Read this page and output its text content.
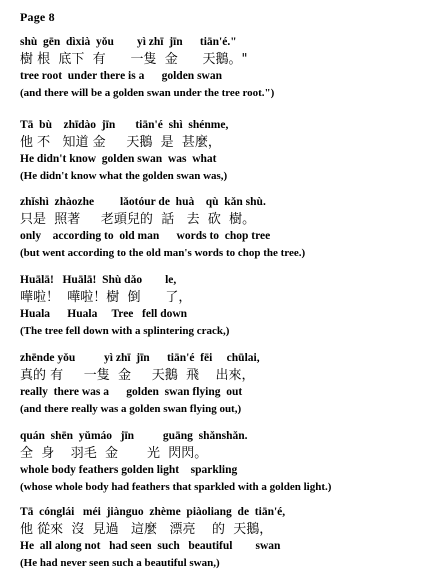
Page 8
shù  gēn  dìxià  yǒu        yì zhī  jīn      tiān'é."
樹 根  底下  有      一隻  金      天鵝。"
tree root  under there is a      golden swan
(and there will be a golden swan under the tree root.")
Tā  bù    zhīdào  jīn       tiān'é  shì  shénme,
他 不   知道 金     天鵝  是  甚麼，
He didn't know  golden swan  was  what
(He didn't know what the golden swan was,)
zhǐshì  zhàozhe         lǎotóur de  huà    qù  kǎn shù.
只是  照著     老頭兒的  話   去  砍  樹。
only    according to  old man      words to  chop tree
(but went according to the old man's words to chop the tree.)
Huālā!   Huālā!  Shù dǎo        le,
嘩啦！  嘩啦！樹  倒      了，
Huala      Huala     Tree   fell down
(The tree fell down with a splintering crack,)
zhēnde yǒu          yì zhī  jīn      tiān'é  fēi     chūlai,
真的 有     一隻  金     天鵝  飛    出來，
really  there was a      golden  swan flying  out
(and there really was a golden swan flying out,)
quán  shēn  yǔmáo   jīn          guāng  shǎnshǎn.
全  身    羽毛  金       光  閃閃。
whole body feathers golden light    sparkling
(whose whole body had feathers that sparkled with a golden light.)
Tā  cónglái   méi  jiànguo  zhème  piàoliang  de  tiān'é,
他 從來  沒  見過   這麼   漂亮    的  天鵝，
He  all along not   had seen  such   beautiful        swan
(He had never seen such a beautiful swan,)
